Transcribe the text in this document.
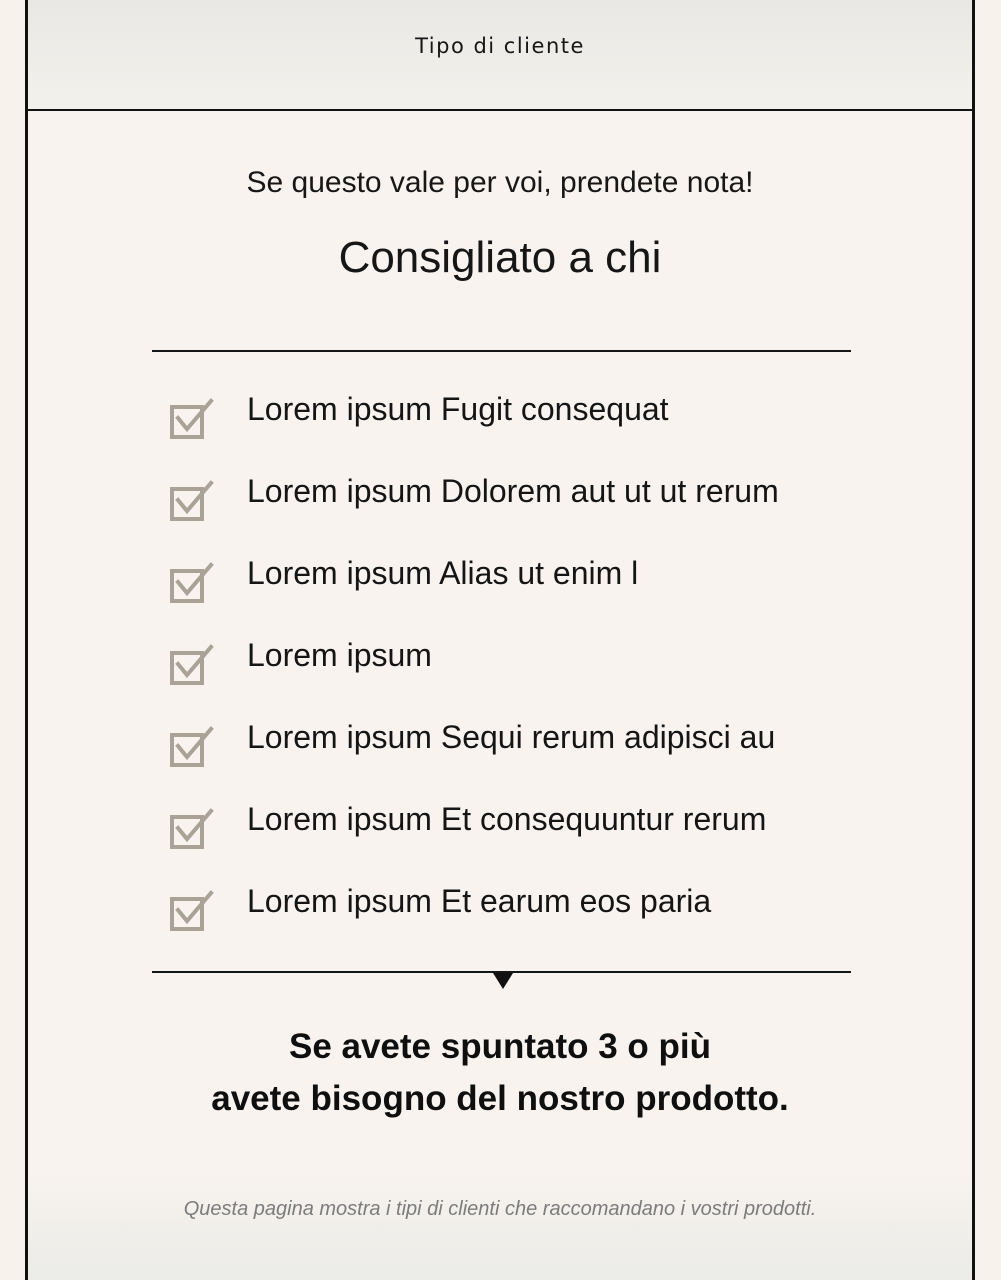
Tipo di cliente
Se questo vale per voi, prendete nota!
Consigliato a chi
Lorem ipsum Fugit consequat
Lorem ipsum Dolorem aut ut ut rerum
Lorem ipsum Alias ut enim l
Lorem ipsum
Lorem ipsum Sequi rerum adipisci au
Lorem ipsum Et consequuntur rerum
Lorem ipsum Et earum eos paria
Se avete spuntato 3 o più
avete bisogno del nostro prodotto.
Questa pagina mostra i tipi di clienti che raccomandano i vostri prodotti.
